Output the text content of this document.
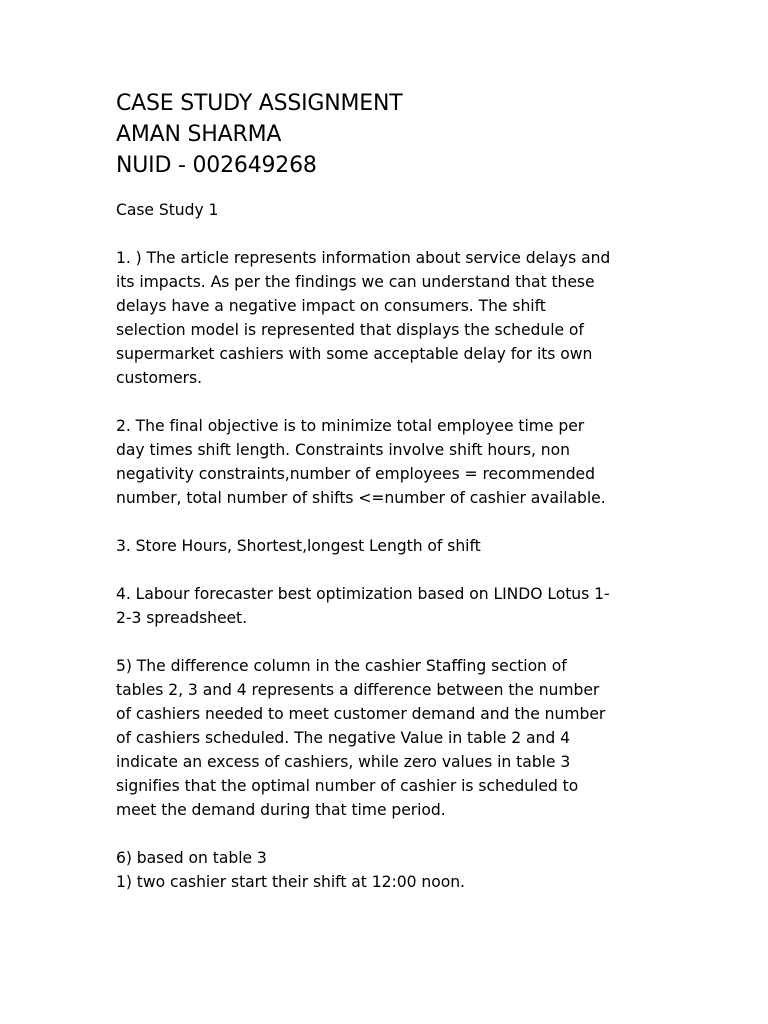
CASE STUDY ASSIGNMENT
AMAN SHARMA
NUID - 002649268
Case Study 1
1. ) The article represents information about service delays and
its impacts. As per the findings we can understand that these
delays have a negative impact on consumers. The shift
selection model is represented that displays the schedule of
supermarket cashiers with some acceptable delay for its own
customers.
2. The final objective is to minimize total employee time per
day times shift length. Constraints involve shift hours, non
negativity constraints,number of employees = recommended
number, total number of shifts <=number of cashier available.
3. Store Hours, Shortest,longest Length of shift
4. Labour forecaster best optimization based on LINDO Lotus 1-
2-3 spreadsheet.
5) The difference column in the cashier Staffing section of
tables 2, 3 and 4 represents a difference between the number
of cashiers needed to meet customer demand and the number
of cashiers scheduled. The negative Value in table 2 and 4
indicate an excess of cashiers, while zero values in table 3
signifies that the optimal number of cashier is scheduled to
meet the demand during that time period.
6) based on table 3
1) two cashier start their shift at 12:00 noon.
